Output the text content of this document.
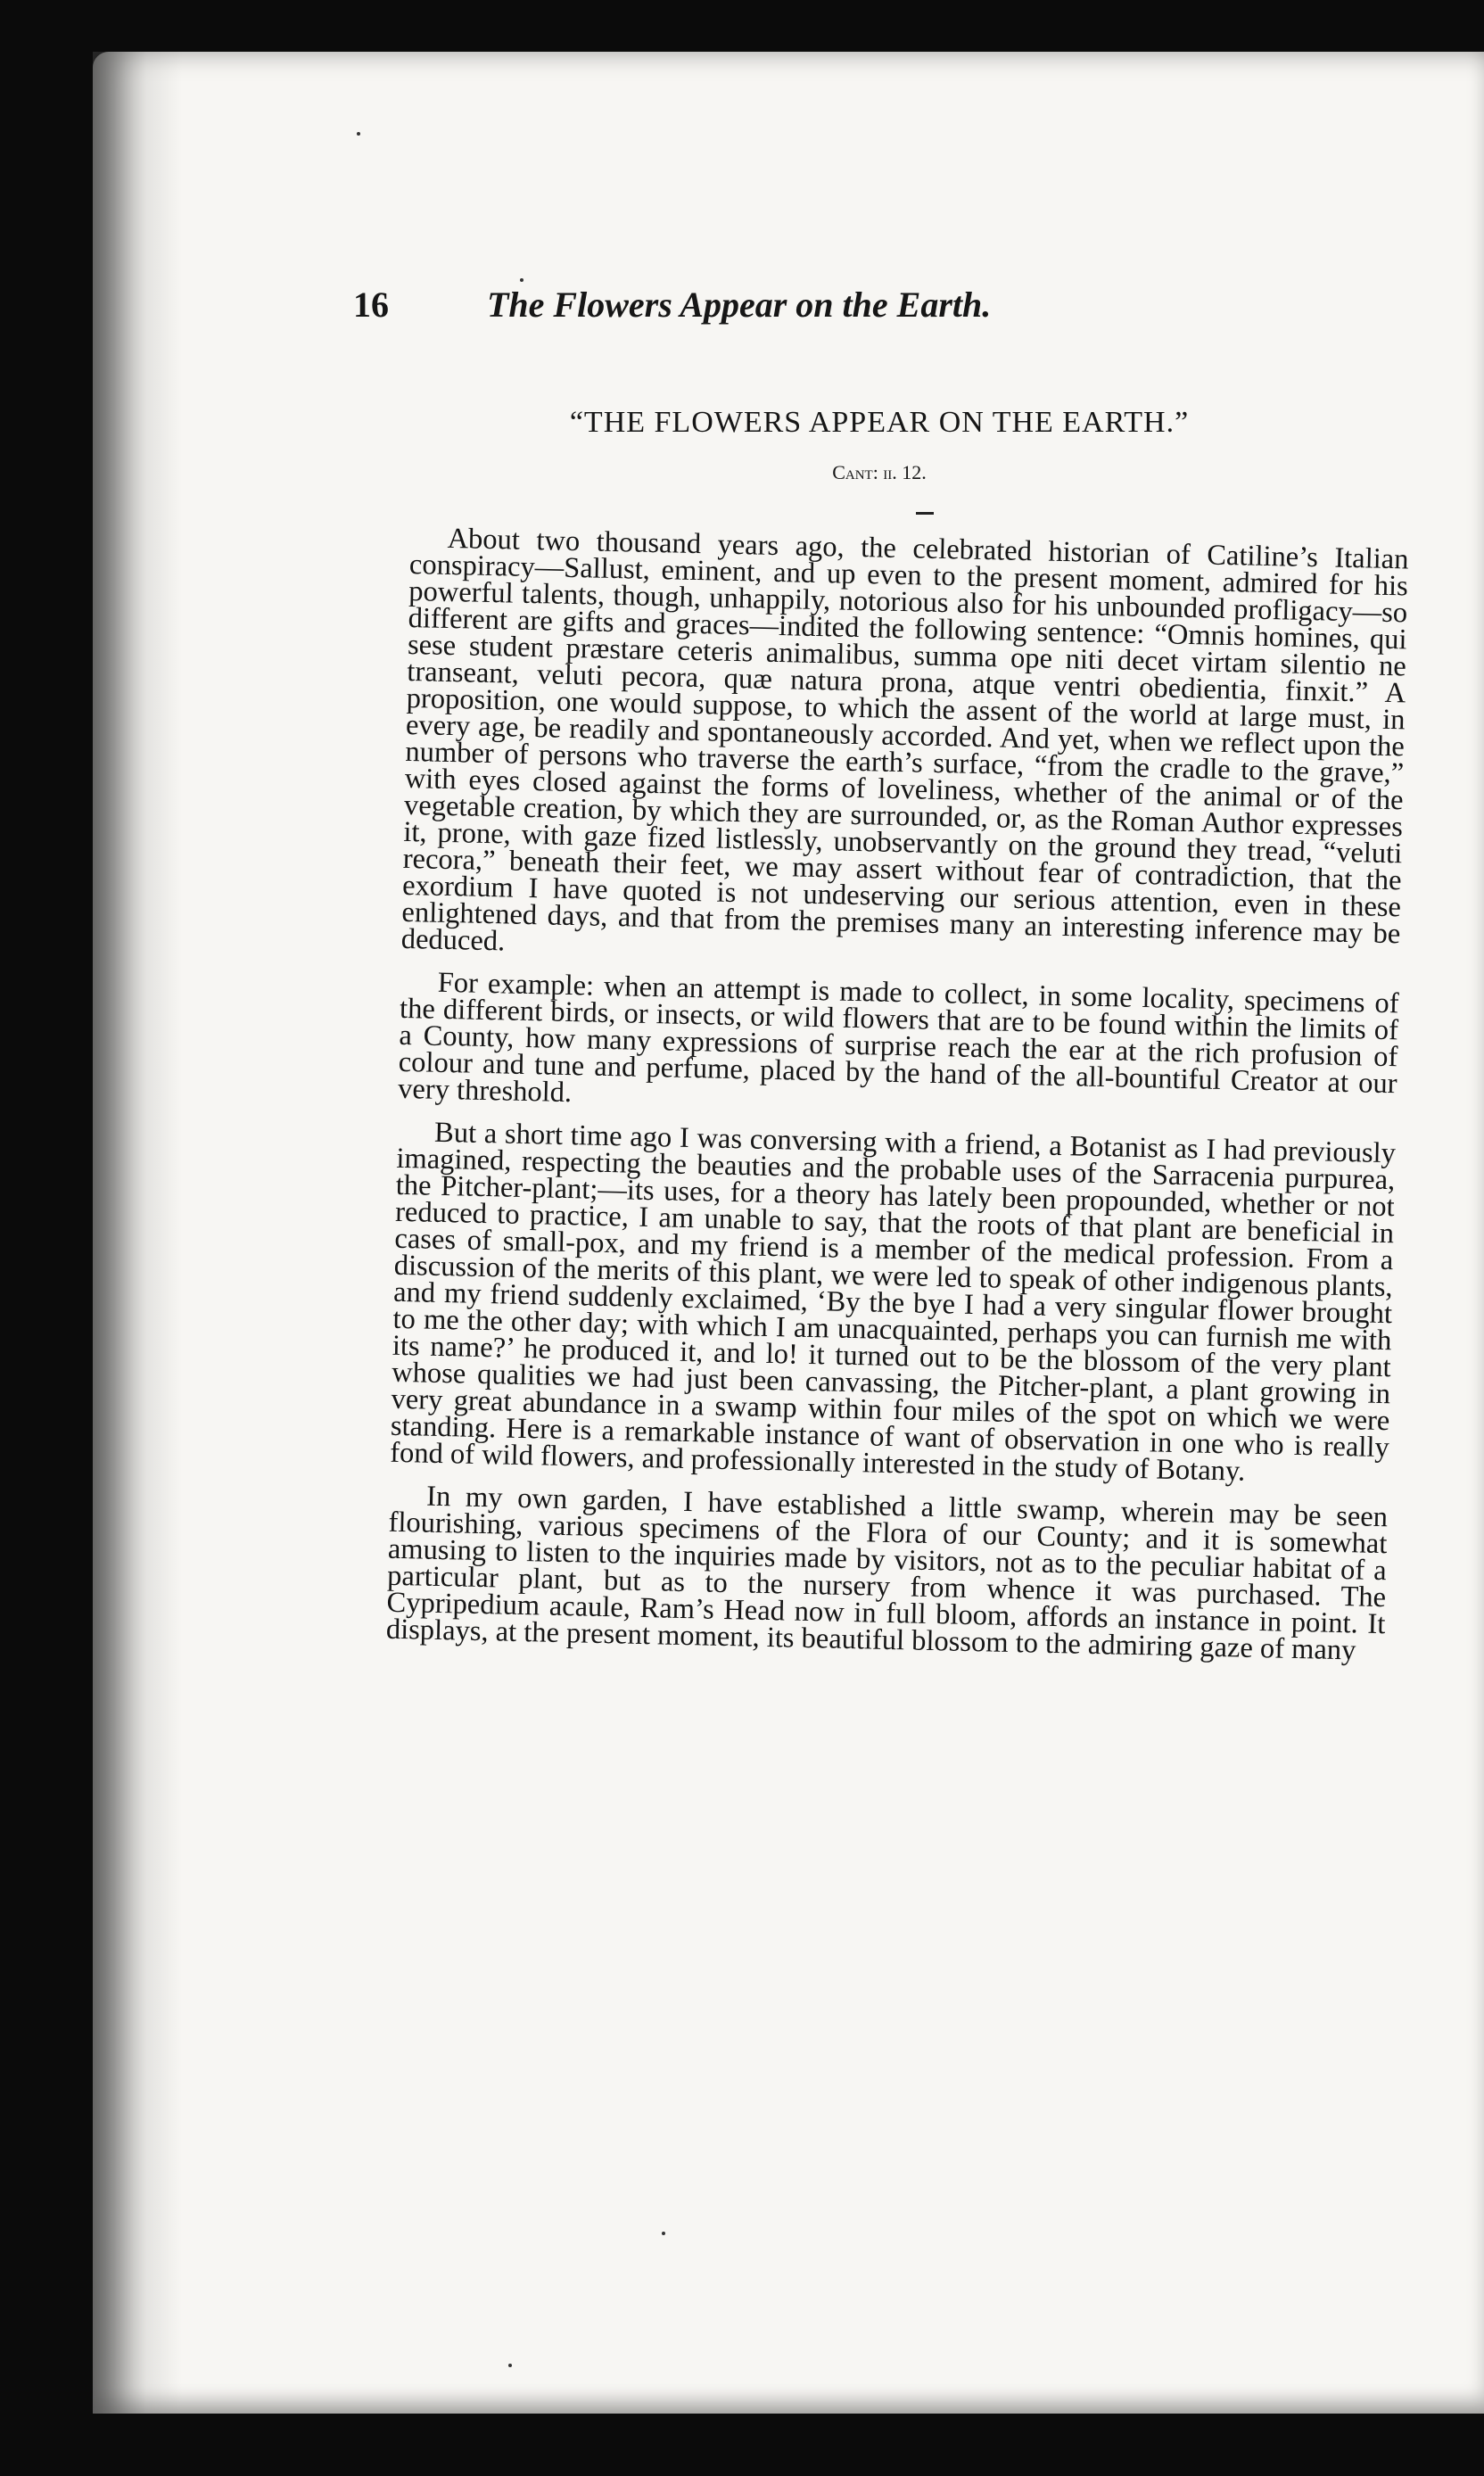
16	The Flowers Appear on the Earth.
“THE FLOWERS APPEAR ON THE EARTH.”
Cant: ii. 12.

About two thousand years ago, the celebrated historian of Catiline’s Italian conspiracy—Sallust, eminent, and up even to the present moment, admired for his powerful talents, though, unhappily, notorious also for his unbounded profligacy—so different are gifts and graces—indited the following sentence: “Omnis homines, qui sese student præstare ceteris animalibus, summa ope niti decet virtam silentio ne transeant, veluti pecora, quæ natura prona, atque ventri obedientia, finxit.” A proposition, one would suppose, to which the assent of the world at large must, in every age, be readily and spontaneously accorded. And yet, when we reflect upon the number of persons who traverse the earth’s surface, “from the cradle to the grave,” with eyes closed against the forms of loveliness, whether of the animal or of the vegetable creation, by which they are surrounded, or, as the Roman Author expresses it, prone, with gaze fized listlessly, unobservantly on the ground they tread, “veluti recora,” beneath their feet, we may assert without fear of contradiction, that the exordium I have quoted is not undeserving our serious attention, even in these enlightened days, and that from the premises many an interesting inference may be deduced.

For example: when an attempt is made to collect, in some locality, specimens of the different birds, or insects, or wild flowers that are to be found within the limits of a County, how many expressions of surprise reach the ear at the rich profusion of colour and tune and perfume, placed by the hand of the all-bountiful Creator at our very threshold.

But a short time ago I was conversing with a friend, a Botanist as I had previously imagined, respecting the beauties and the probable uses of the Sarracenia purpurea, the Pitcher-plant;—its uses, for a theory has lately been propounded, whether or not reduced to practice, I am unable to say, that the roots of that plant are beneficial in cases of small-pox, and my friend is a member of the medical profession. From a discussion of the merits of this plant, we were led to speak of other indigenous plants, and my friend suddenly exclaimed, ‘By the bye I had a very singular flower brought to me the other day; with which I am unacquainted, perhaps you can furnish me with its name?’ he produced it, and lo! it turned out to be the blossom of the very plant whose qualities we had just been canvassing, the Pitcher-plant, a plant growing in very great abundance in a swamp within four miles of the spot on which we were standing. Here is a remarkable instance of want of observation in one who is really fond of wild flowers, and professionally interested in the study of Botany.

In my own garden, I have established a little swamp, wherein may be seen flourishing, various specimens of the Flora of our County; and it is somewhat amusing to listen to the inquiries made by visitors, not as to the peculiar habitat of a particular plant, but as to the nursery from whence it was purchased. The Cypripedium acaule, Ram’s Head now in full bloom, affords an instance in point. It displays, at the present moment, its beautiful blossom to the admiring gaze of many
